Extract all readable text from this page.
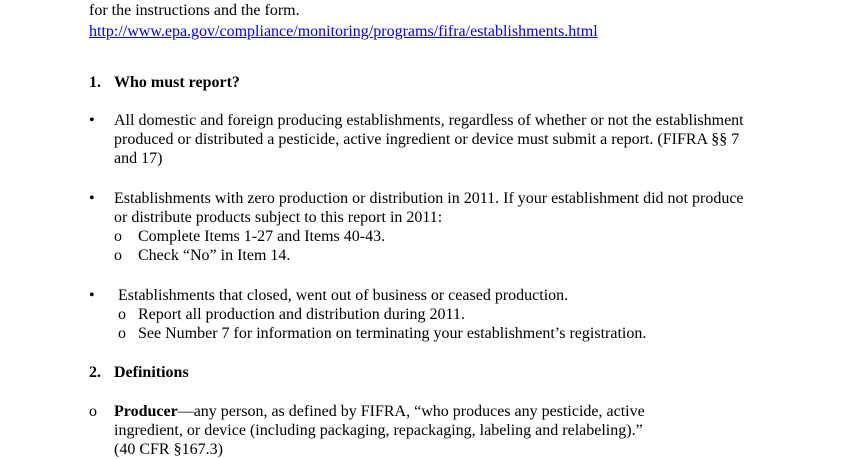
for the instructions and the form.
http://www.epa.gov/compliance/monitoring/programs/fifra/establishments.html
1. Who must report?
• All domestic and foreign producing establishments, regardless of whether or not the establishment
produced or distributed a pesticide, active ingredient or device must submit a report. (FIFRA §§ 7
and 17)
• Establishments with zero production or distribution in 2011. If your establishment did not produce
or distribute products subject to this report in 2011:
o Complete Items 1-27 and Items 40-43.
o Check “No” in Item 14.
• Establishments that closed, went out of business or ceased production.
o Report all production and distribution during 2011.
o See Number 7 for information on terminating your establishment’s registration.
2. Definitions
o Producer—any person, as defined by FIFRA, “who produces any pesticide, active
ingredient, or device (including packaging, repackaging, labeling and relabeling).”
(40 CFR §167.3)
